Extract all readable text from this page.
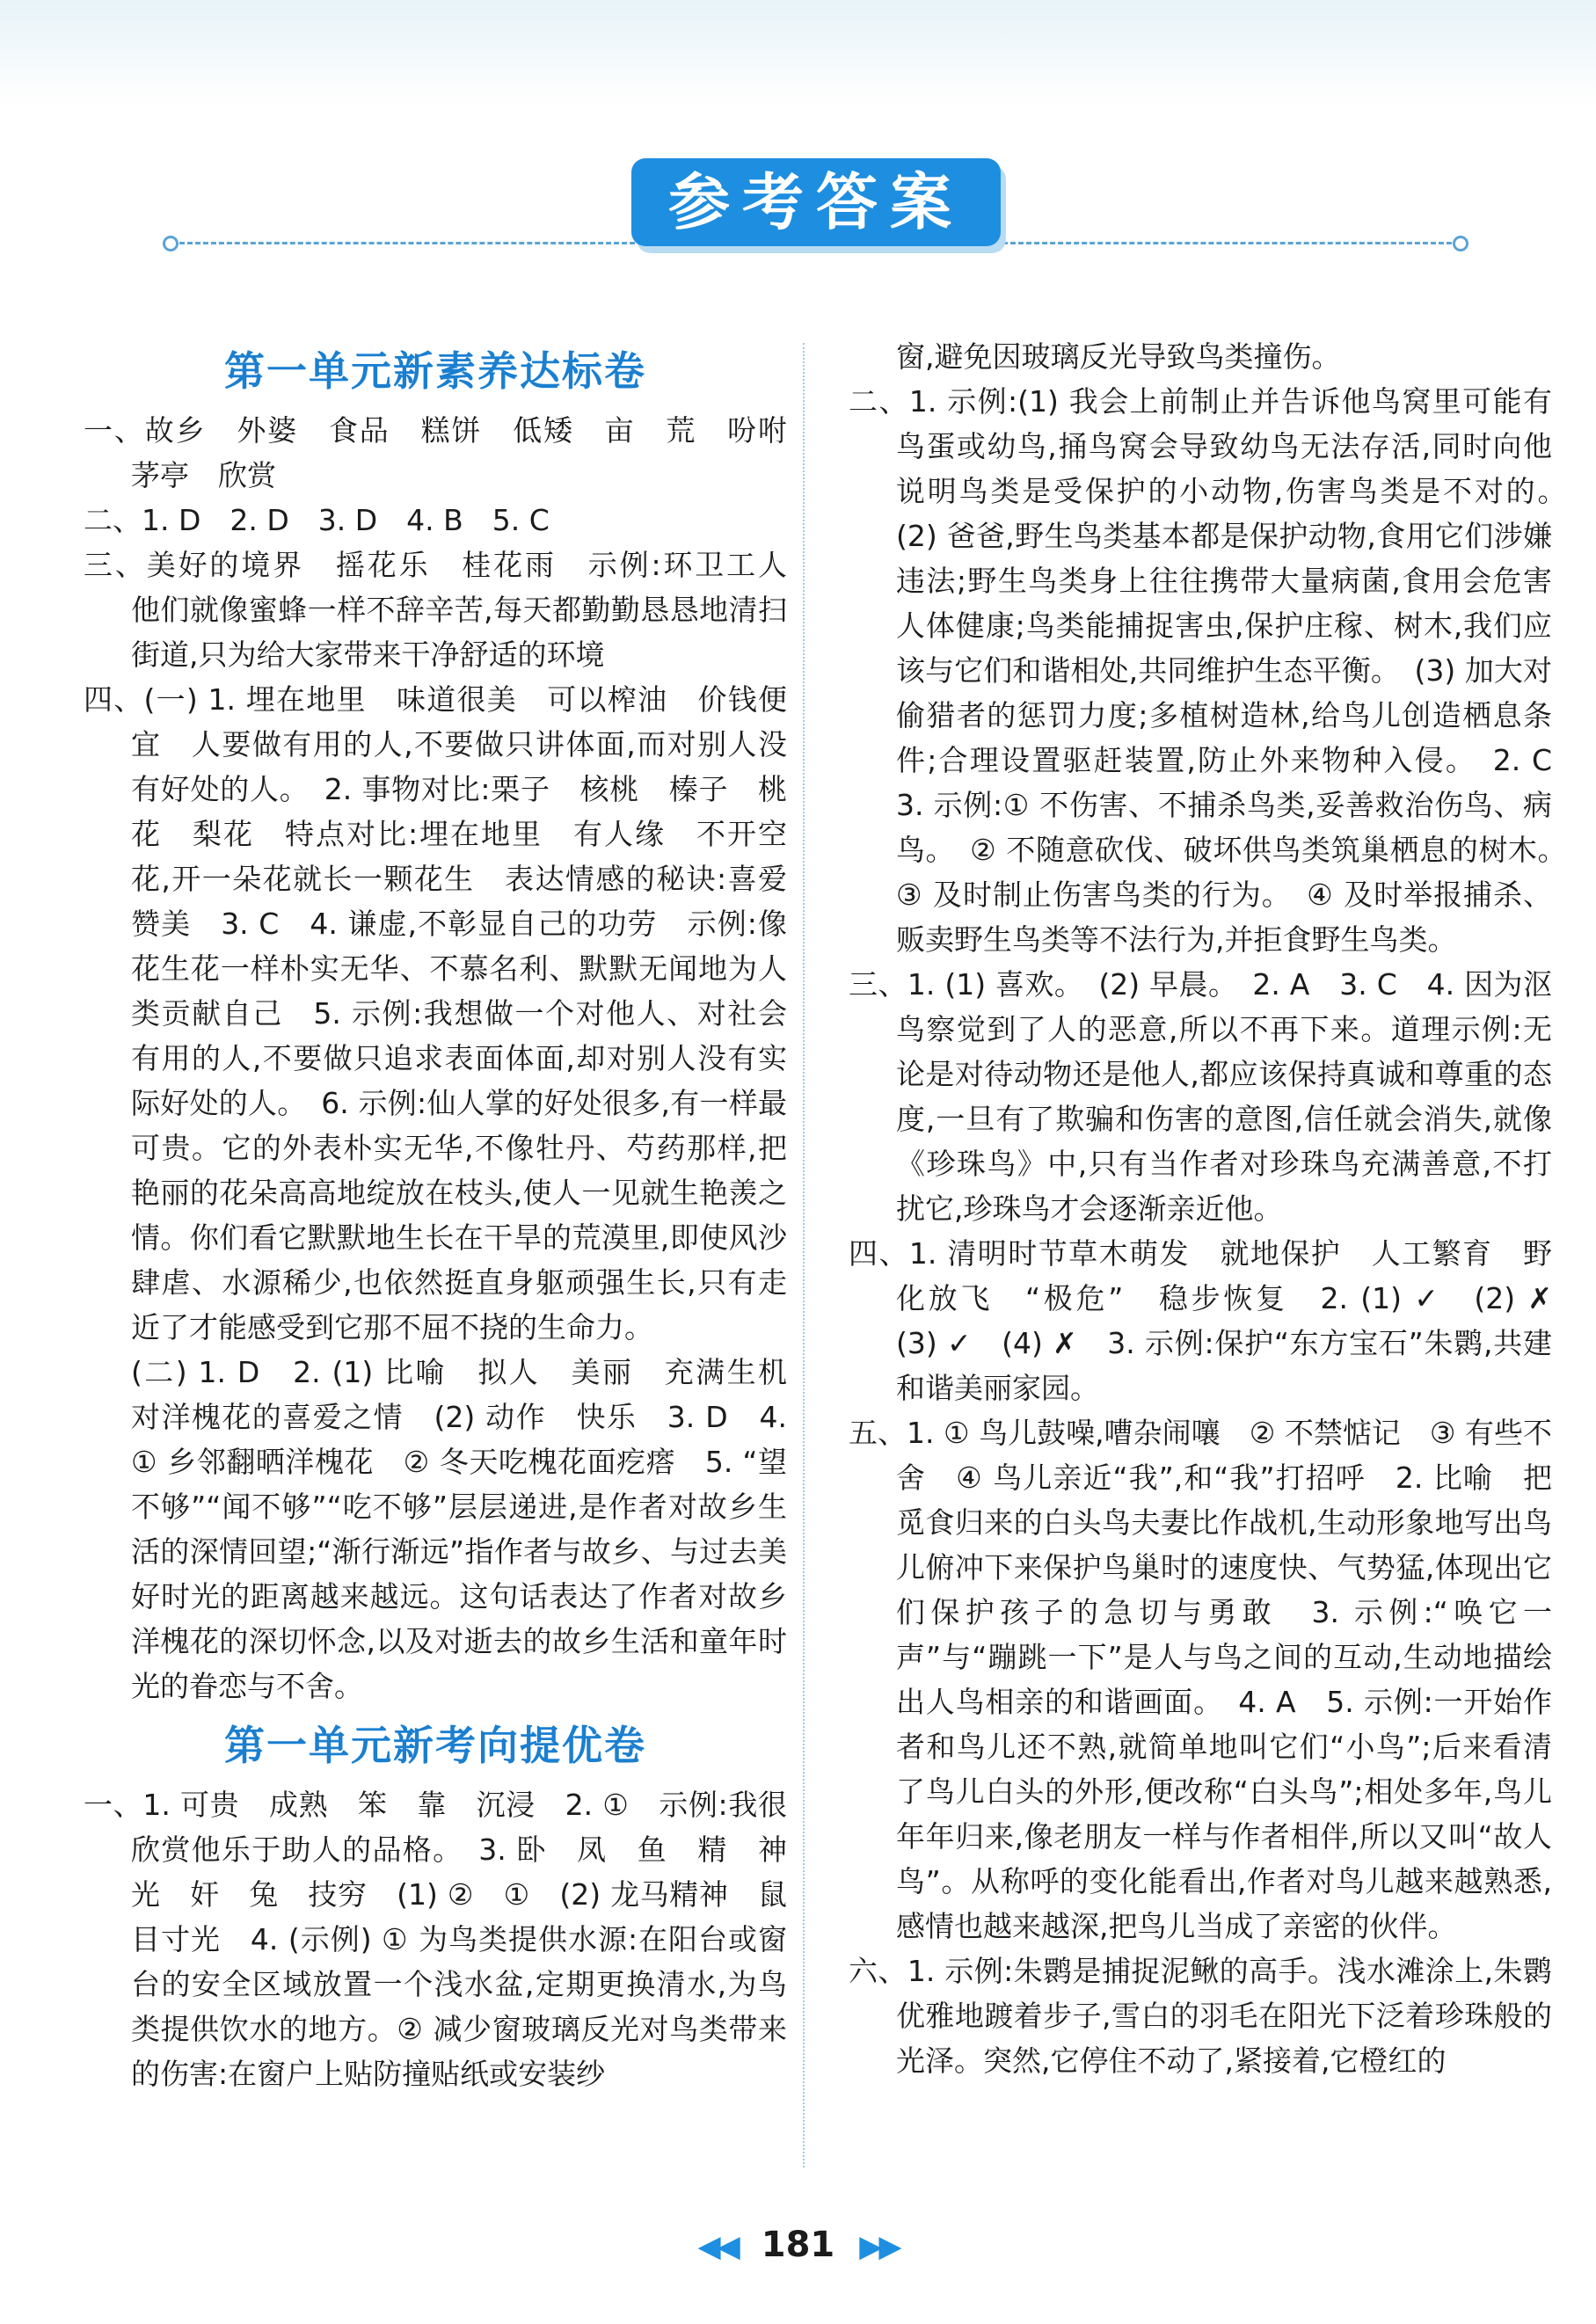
参考答案
第一单元新素养达标卷

一、故乡　外婆　食品　糕饼　低矮　亩　荒　吩咐　茅亭　欣赏

二、1. D　2. D　3. D　4. B　5. C

三、美好的境界　摇花乐　桂花雨　示例:环卫工人　他们就像蜜蜂一样不辞辛苦,每天都勤勤恳恳地清扫街道,只为给大家带来干净舒适的环境

四、(一) 1. 埋在地里　味道很美　可以榨油　价钱便宜　人要做有用的人,不要做只讲体面,而对别人没有好处的人。　2. 事物对比:栗子　核桃　榛子　桃花　梨花　特点对比:埋在地里　有人缘　不开空花,开一朵花就长一颗花生　表达情感的秘诀:喜爱　赞美　3. C　4. 谦虚,不彰显自己的功劳　示例:像花生花一样朴实无华、不慕名利、默默无闻地为人类贡献自己　5. 示例:我想做一个对他人、对社会有用的人,不要做只追求表面体面,却对别人没有实际好处的人。　6. 示例:仙人掌的好处很多,有一样最可贵。它的外表朴实无华,不像牡丹、芍药那样,把艳丽的花朵高高地绽放在枝头,使人一见就生艳羡之情。你们看它默默地生长在干旱的荒漠里,即使风沙肆虐、水源稀少,也依然挺直身躯顽强生长,只有走近了才能感受到它那不屈不挠的生命力。

(二) 1. D　2. (1) 比喻　拟人　美丽　充满生机　对洋槐花的喜爱之情　(2) 动作　快乐　3. D　4. ① 乡邻翻晒洋槐花　② 冬天吃槐花面疙瘩　5. “望不够”“闻不够”“吃不够”层层递进,是作者对故乡生活的深情回望;“渐行渐远”指作者与故乡、与过去美好时光的距离越来越远。这句话表达了作者对故乡洋槐花的深切怀念,以及对逝去的故乡生活和童年时光的眷恋与不舍。

第一单元新考向提优卷

一、1. 可贵　成熟　笨　靠　沉浸　2. ①　示例:我很欣赏他乐于助人的品格。　3. 卧　凤　鱼　精　神　光　奸　兔　技穷　(1) ②　①　(2) 龙马精神　鼠目寸光　4. (示例) ① 为鸟类提供水源:在阳台或窗台的安全区域放置一个浅水盆,定期更换清水,为鸟类提供饮水的地方。② 减少窗玻璃反光对鸟类带来的伤害:在窗户上贴防撞贴纸或安装纱

窗,避免因玻璃反光导致鸟类撞伤。

二、1. 示例:(1) 我会上前制止并告诉他鸟窝里可能有鸟蛋或幼鸟,捅鸟窝会导致幼鸟无法存活,同时向他说明鸟类是受保护的小动物,伤害鸟类是不对的。　(2) 爸爸,野生鸟类基本都是保护动物,食用它们涉嫌违法;野生鸟类身上往往携带大量病菌,食用会危害人体健康;鸟类能捕捉害虫,保护庄稼、树木,我们应该与它们和谐相处,共同维护生态平衡。　(3) 加大对偷猎者的惩罚力度;多植树造林,给鸟儿创造栖息条件;合理设置驱赶装置,防止外来物种入侵。　2. C　3. 示例:① 不伤害、不捕杀鸟类,妥善救治伤鸟、病鸟。　② 不随意砍伐、破坏供鸟类筑巢栖息的树木。　③ 及时制止伤害鸟类的行为。　④ 及时举报捕杀、贩卖野生鸟类等不法行为,并拒食野生鸟类。

三、1. (1) 喜欢。　(2) 早晨。　2. A　3. C　4. 因为沤鸟察觉到了人的恶意,所以不再下来。道理示例:无论是对待动物还是他人,都应该保持真诚和尊重的态度,一旦有了欺骗和伤害的意图,信任就会消失,就像《珍珠鸟》中,只有当作者对珍珠鸟充满善意,不打扰它,珍珠鸟才会逐渐亲近他。

四、1. 清明时节草木萌发　就地保护　人工繁育　野化放飞　“极危”　稳步恢复　2. (1) ✓　(2) ✗　(3) ✓　(4) ✗　3. 示例:保护“东方宝石”朱鹮,共建和谐美丽家园。

五、1. ① 鸟儿鼓噪,嘈杂闹嚷　② 不禁惦记　③ 有些不舍　④ 鸟儿亲近“我”,和“我”打招呼　2. 比喻　把觅食归来的白头鸟夫妻比作战机,生动形象地写出鸟儿俯冲下来保护鸟巢时的速度快、气势猛,体现出它们保护孩子的急切与勇敢　3. 示例:“唤它一声”与“蹦跳一下”是人与鸟之间的互动,生动地描绘出人鸟相亲的和谐画面。　4. A　5. 示例:一开始作者和鸟儿还不熟,就简单地叫它们“小鸟”;后来看清了鸟儿白头的外形,便改称“白头鸟”;相处多年,鸟儿年年归来,像老朋友一样与作者相伴,所以又叫“故人鸟”。从称呼的变化能看出,作者对鸟儿越来越熟悉,感情也越来越深,把鸟儿当成了亲密的伙伴。

六、1. 示例:朱鹮是捕捉泥鳅的高手。浅水滩涂上,朱鹮优雅地踱着步子,雪白的羽毛在阳光下泛着珍珠般的光泽。突然,它停住不动了,紧接着,它橙红的

◀◀ 181 ▶▶
